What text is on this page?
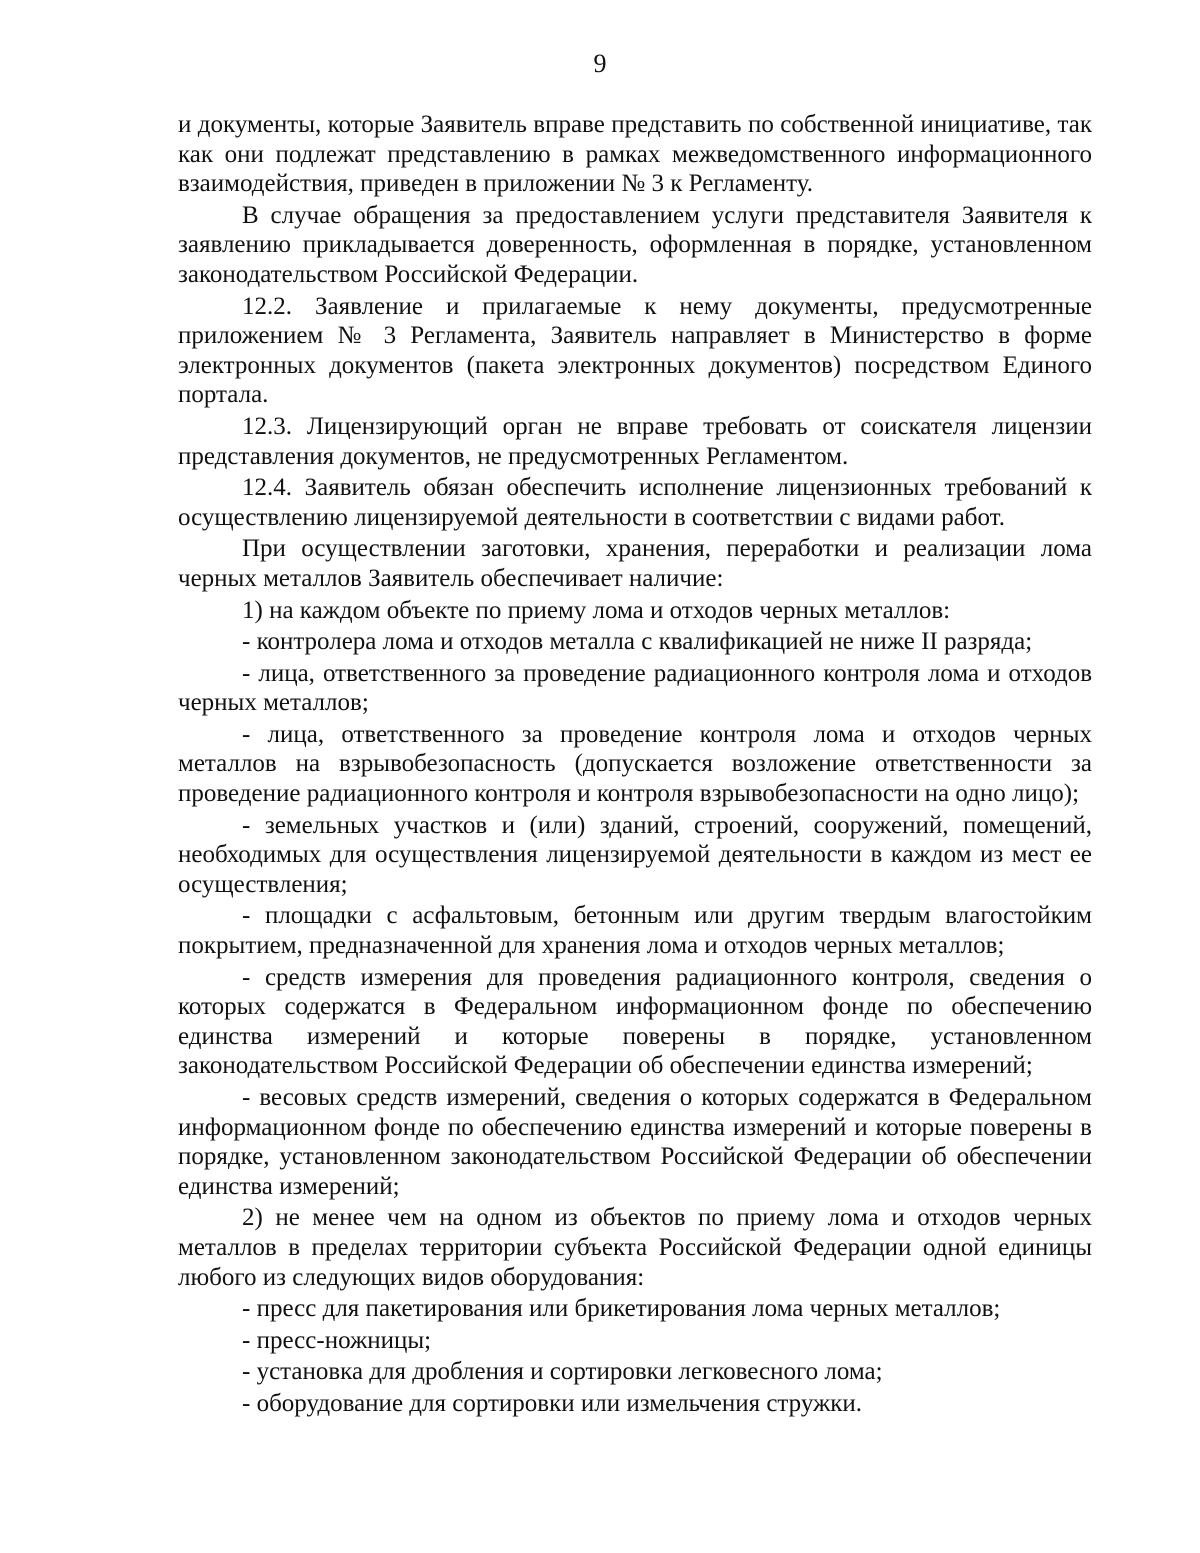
9

и документы, которые Заявитель вправе представить по собственной инициативе, так как они подлежат представлению в рамках межведомственного информационного взаимодействия, приведен в приложении № 3 к Регламенту.

В случае обращения за предоставлением услуги представителя Заявителя к заявлению прикладывается доверенность, оформленная в порядке, установленном законодательством Российской Федерации.

12.2. Заявление и прилагаемые к нему документы, предусмотренные приложением № 3 Регламента, Заявитель направляет в Министерство в форме электронных документов (пакета электронных документов) посредством Единого портала.

12.3. Лицензирующий орган не вправе требовать от соискателя лицензии представления документов, не предусмотренных Регламентом.

12.4. Заявитель обязан обеспечить исполнение лицензионных требований к осуществлению лицензируемой деятельности в соответствии с видами работ.

При осуществлении заготовки, хранения, переработки и реализации лома черных металлов Заявитель обеспечивает наличие:

1) на каждом объекте по приему лома и отходов черных металлов:

- контролера лома и отходов металла с квалификацией не ниже II разряда;

- лица, ответственного за проведение радиационного контроля лома и отходов черных металлов;

- лица, ответственного за проведение контроля лома и отходов черных металлов на взрывобезопасность (допускается возложение ответственности за проведение радиационного контроля и контроля взрывобезопасности на одно лицо);

- земельных участков и (или) зданий, строений, сооружений, помещений, необходимых для осуществления лицензируемой деятельности в каждом из мест ее осуществления;

- площадки с асфальтовым, бетонным или другим твердым влагостойким покрытием, предназначенной для хранения лома и отходов черных металлов;

- средств измерения для проведения радиационного контроля, сведения о которых содержатся в Федеральном информационном фонде по обеспечению единства измерений и которые поверены в порядке, установленном законодательством Российской Федерации об обеспечении единства измерений;

- весовых средств измерений, сведения о которых содержатся в Федеральном информационном фонде по обеспечению единства измерений и которые поверены в порядке, установленном законодательством Российской Федерации об обеспечении единства измерений;

2) не менее чем на одном из объектов по приему лома и отходов черных металлов в пределах территории субъекта Российской Федерации одной единицы любого из следующих видов оборудования:

- пресс для пакетирования или брикетирования лома черных металлов;

- пресс-ножницы;

- установка для дробления и сортировки легковесного лома;

- оборудование для сортировки или измельчения стружки.
